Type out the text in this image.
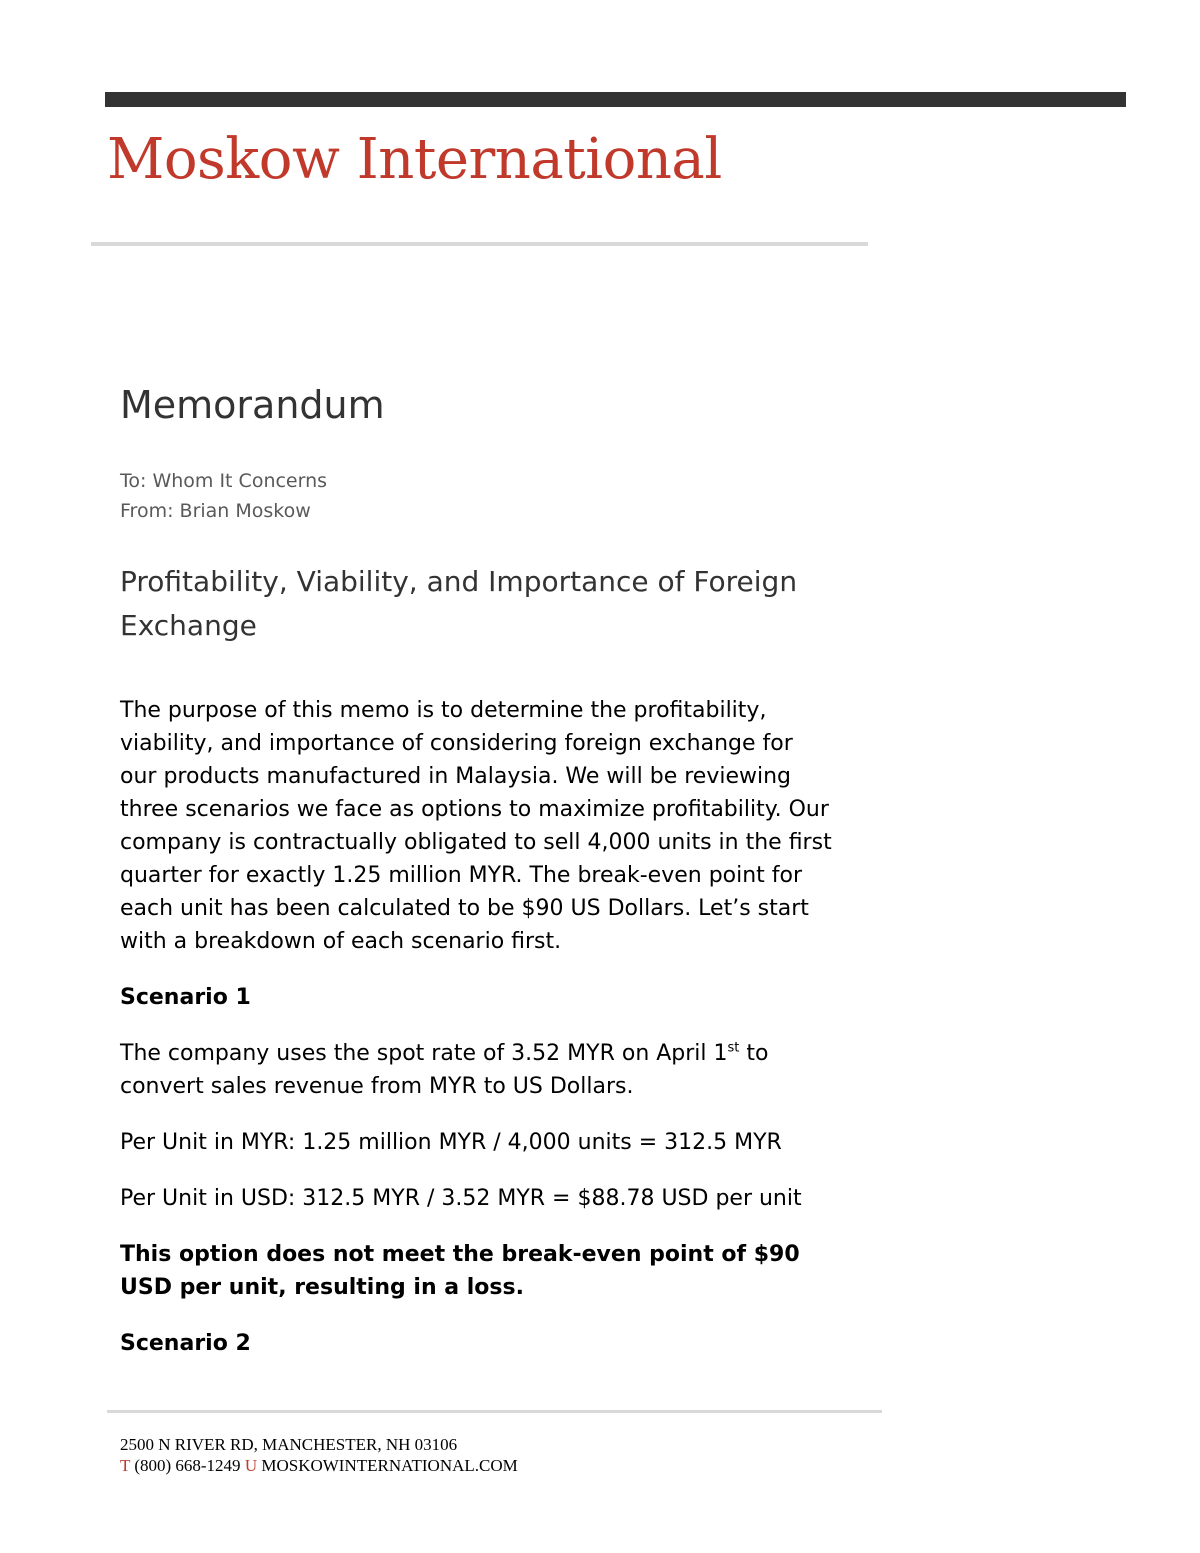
Moskow International
Memorandum
To: Whom It Concerns
From: Brian Moskow
Profitability, Viability, and Importance of Foreign
Exchange

The purpose of this memo is to determine the profitability,
viability, and importance of considering foreign exchange for
our products manufactured in Malaysia. We will be reviewing
three scenarios we face as options to maximize profitability. Our
company is contractually obligated to sell 4,000 units in the first
quarter for exactly 1.25 million MYR. The break-even point for
each unit has been calculated to be $90 US Dollars. Let’s start
with a breakdown of each scenario first.

Scenario 1

The company uses the spot rate of 3.52 MYR on April 1st to
convert sales revenue from MYR to US Dollars.

Per Unit in MYR: 1.25 million MYR / 4,000 units = 312.5 MYR

Per Unit in USD: 312.5 MYR / 3.52 MYR = $88.78 USD per unit

This option does not meet the break-even point of $90
USD per unit, resulting in a loss.

Scenario 2

2500 N RIVER RD, MANCHESTER, NH 03106
T (800) 668-1249 U MOSKOWINTERNATIONAL.COM
